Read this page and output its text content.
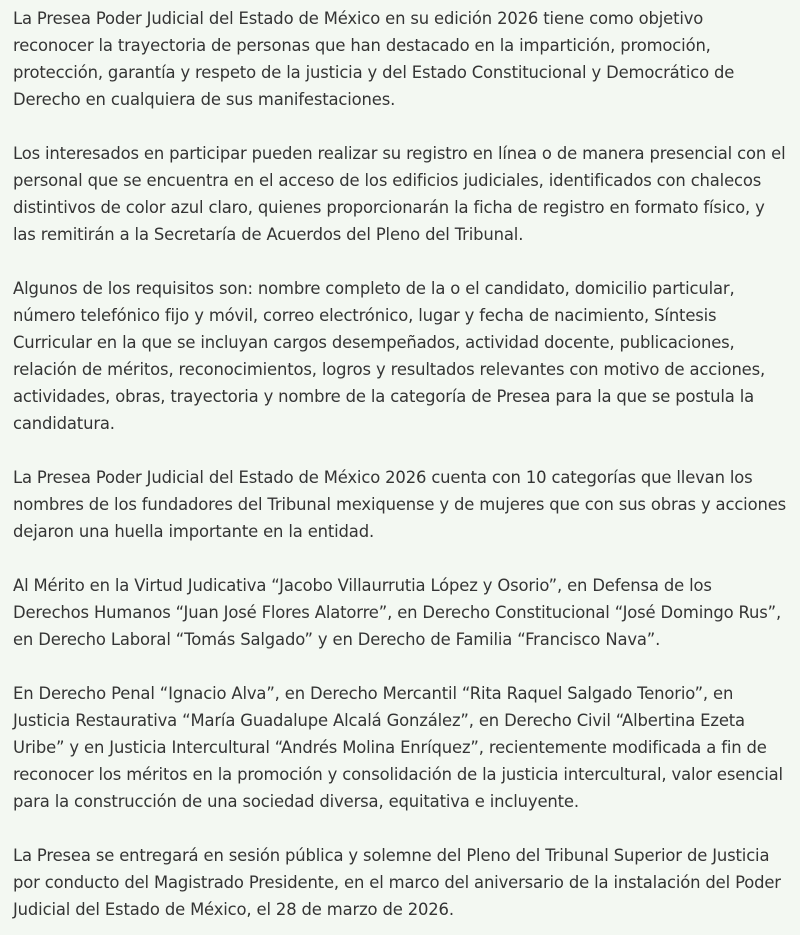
La Presea Poder Judicial del Estado de México en su edición 2026 tiene como objetivo reconocer la trayectoria de personas que han destacado en la impartición, promoción, protección, garantía y respeto de la justicia y del Estado Constitucional y Democrático de Derecho en cualquiera de sus manifestaciones.

Los interesados en participar pueden realizar su registro en línea o de manera presencial con el personal que se encuentra en el acceso de los edificios judiciales, identificados con chalecos distintivos de color azul claro, quienes proporcionarán la ficha de registro en formato físico, y las remitirán a la Secretaría de Acuerdos del Pleno del Tribunal.

Algunos de los requisitos son: nombre completo de la o el candidato, domicilio particular, número telefónico fijo y móvil, correo electrónico, lugar y fecha de nacimiento, Síntesis Curricular en la que se incluyan cargos desempeñados, actividad docente, publicaciones, relación de méritos, reconocimientos, logros y resultados relevantes con motivo de acciones, actividades, obras, trayectoria y nombre de la categoría de Presea para la que se postula la candidatura.

La Presea Poder Judicial del Estado de México 2026 cuenta con 10 categorías que llevan los nombres de los fundadores del Tribunal mexiquense y de mujeres que con sus obras y acciones dejaron una huella importante en la entidad.

Al Mérito en la Virtud Judicativa “Jacobo Villaurrutia López y Osorio”, en Defensa de los Derechos Humanos “Juan José Flores Alatorre”, en Derecho Constitucional “José Domingo Rus”, en Derecho Laboral “Tomás Salgado” y en Derecho de Familia “Francisco Nava”.

En Derecho Penal “Ignacio Alva”, en Derecho Mercantil “Rita Raquel Salgado Tenorio”, en Justicia Restaurativa “María Guadalupe Alcalá González”, en Derecho Civil “Albertina Ezeta Uribe” y en Justicia Intercultural “Andrés Molina Enríquez”, recientemente modificada a fin de reconocer los méritos en la promoción y consolidación de la justicia intercultural, valor esencial para la construcción de una sociedad diversa, equitativa e incluyente.

La Presea se entregará en sesión pública y solemne del Pleno del Tribunal Superior de Justicia por conducto del Magistrado Presidente, en el marco del aniversario de la instalación del Poder Judicial del Estado de México, el 28 de marzo de 2026.
